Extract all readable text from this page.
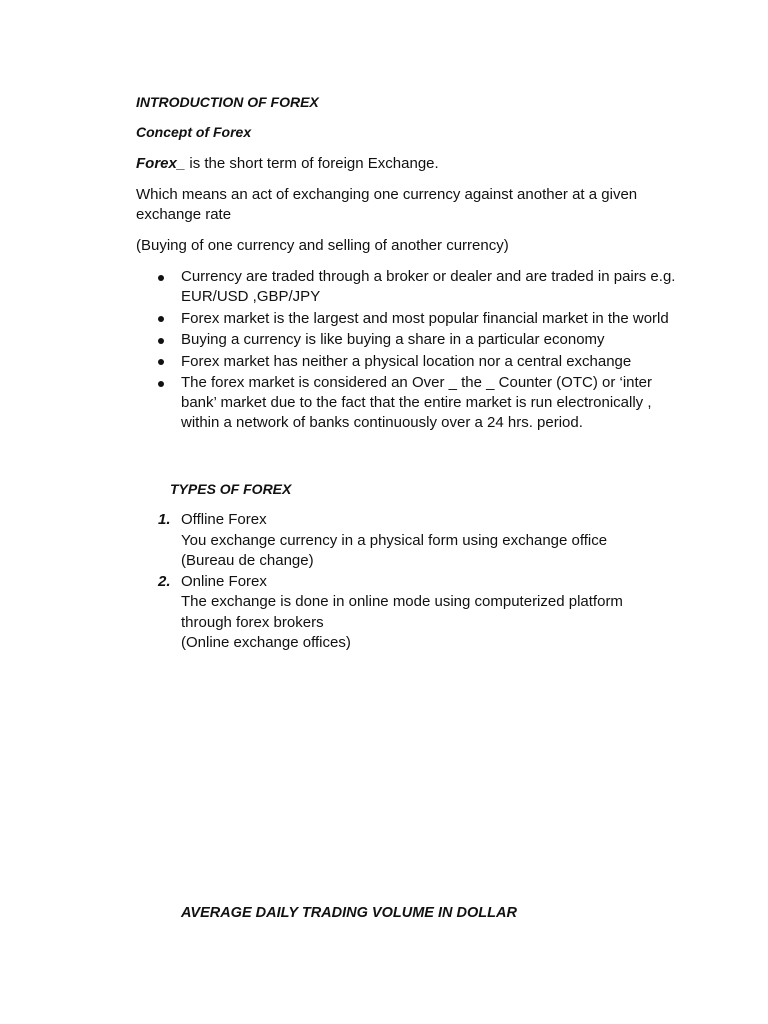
INTRODUCTION OF FOREX

Concept of Forex

Forex_ is the short term of foreign Exchange.

Which means an act of exchanging one currency against another at a given exchange rate

(Buying of one currency and selling of another currency)

Currency are traded through a broker or dealer and are traded in pairs e.g. EUR/USD ,GBP/JPY
Forex market is the largest and most popular financial market in the world
Buying a currency is like buying a share in a particular economy
Forex market has neither a physical location nor a central exchange
The forex market is considered an Over _ the _ Counter (OTC) or ‘inter bank’ market due to the fact that the entire market is run electronically , within a network of banks continuously over a 24 hrs. period.

TYPES OF FOREX

1. Offline Forex
You exchange currency in a physical form using exchange office
(Bureau de change)
2. Online Forex
The exchange is done in online mode using computerized platform through forex brokers
(Online exchange offices)

AVERAGE DAILY TRADING VOLUME IN DOLLAR
